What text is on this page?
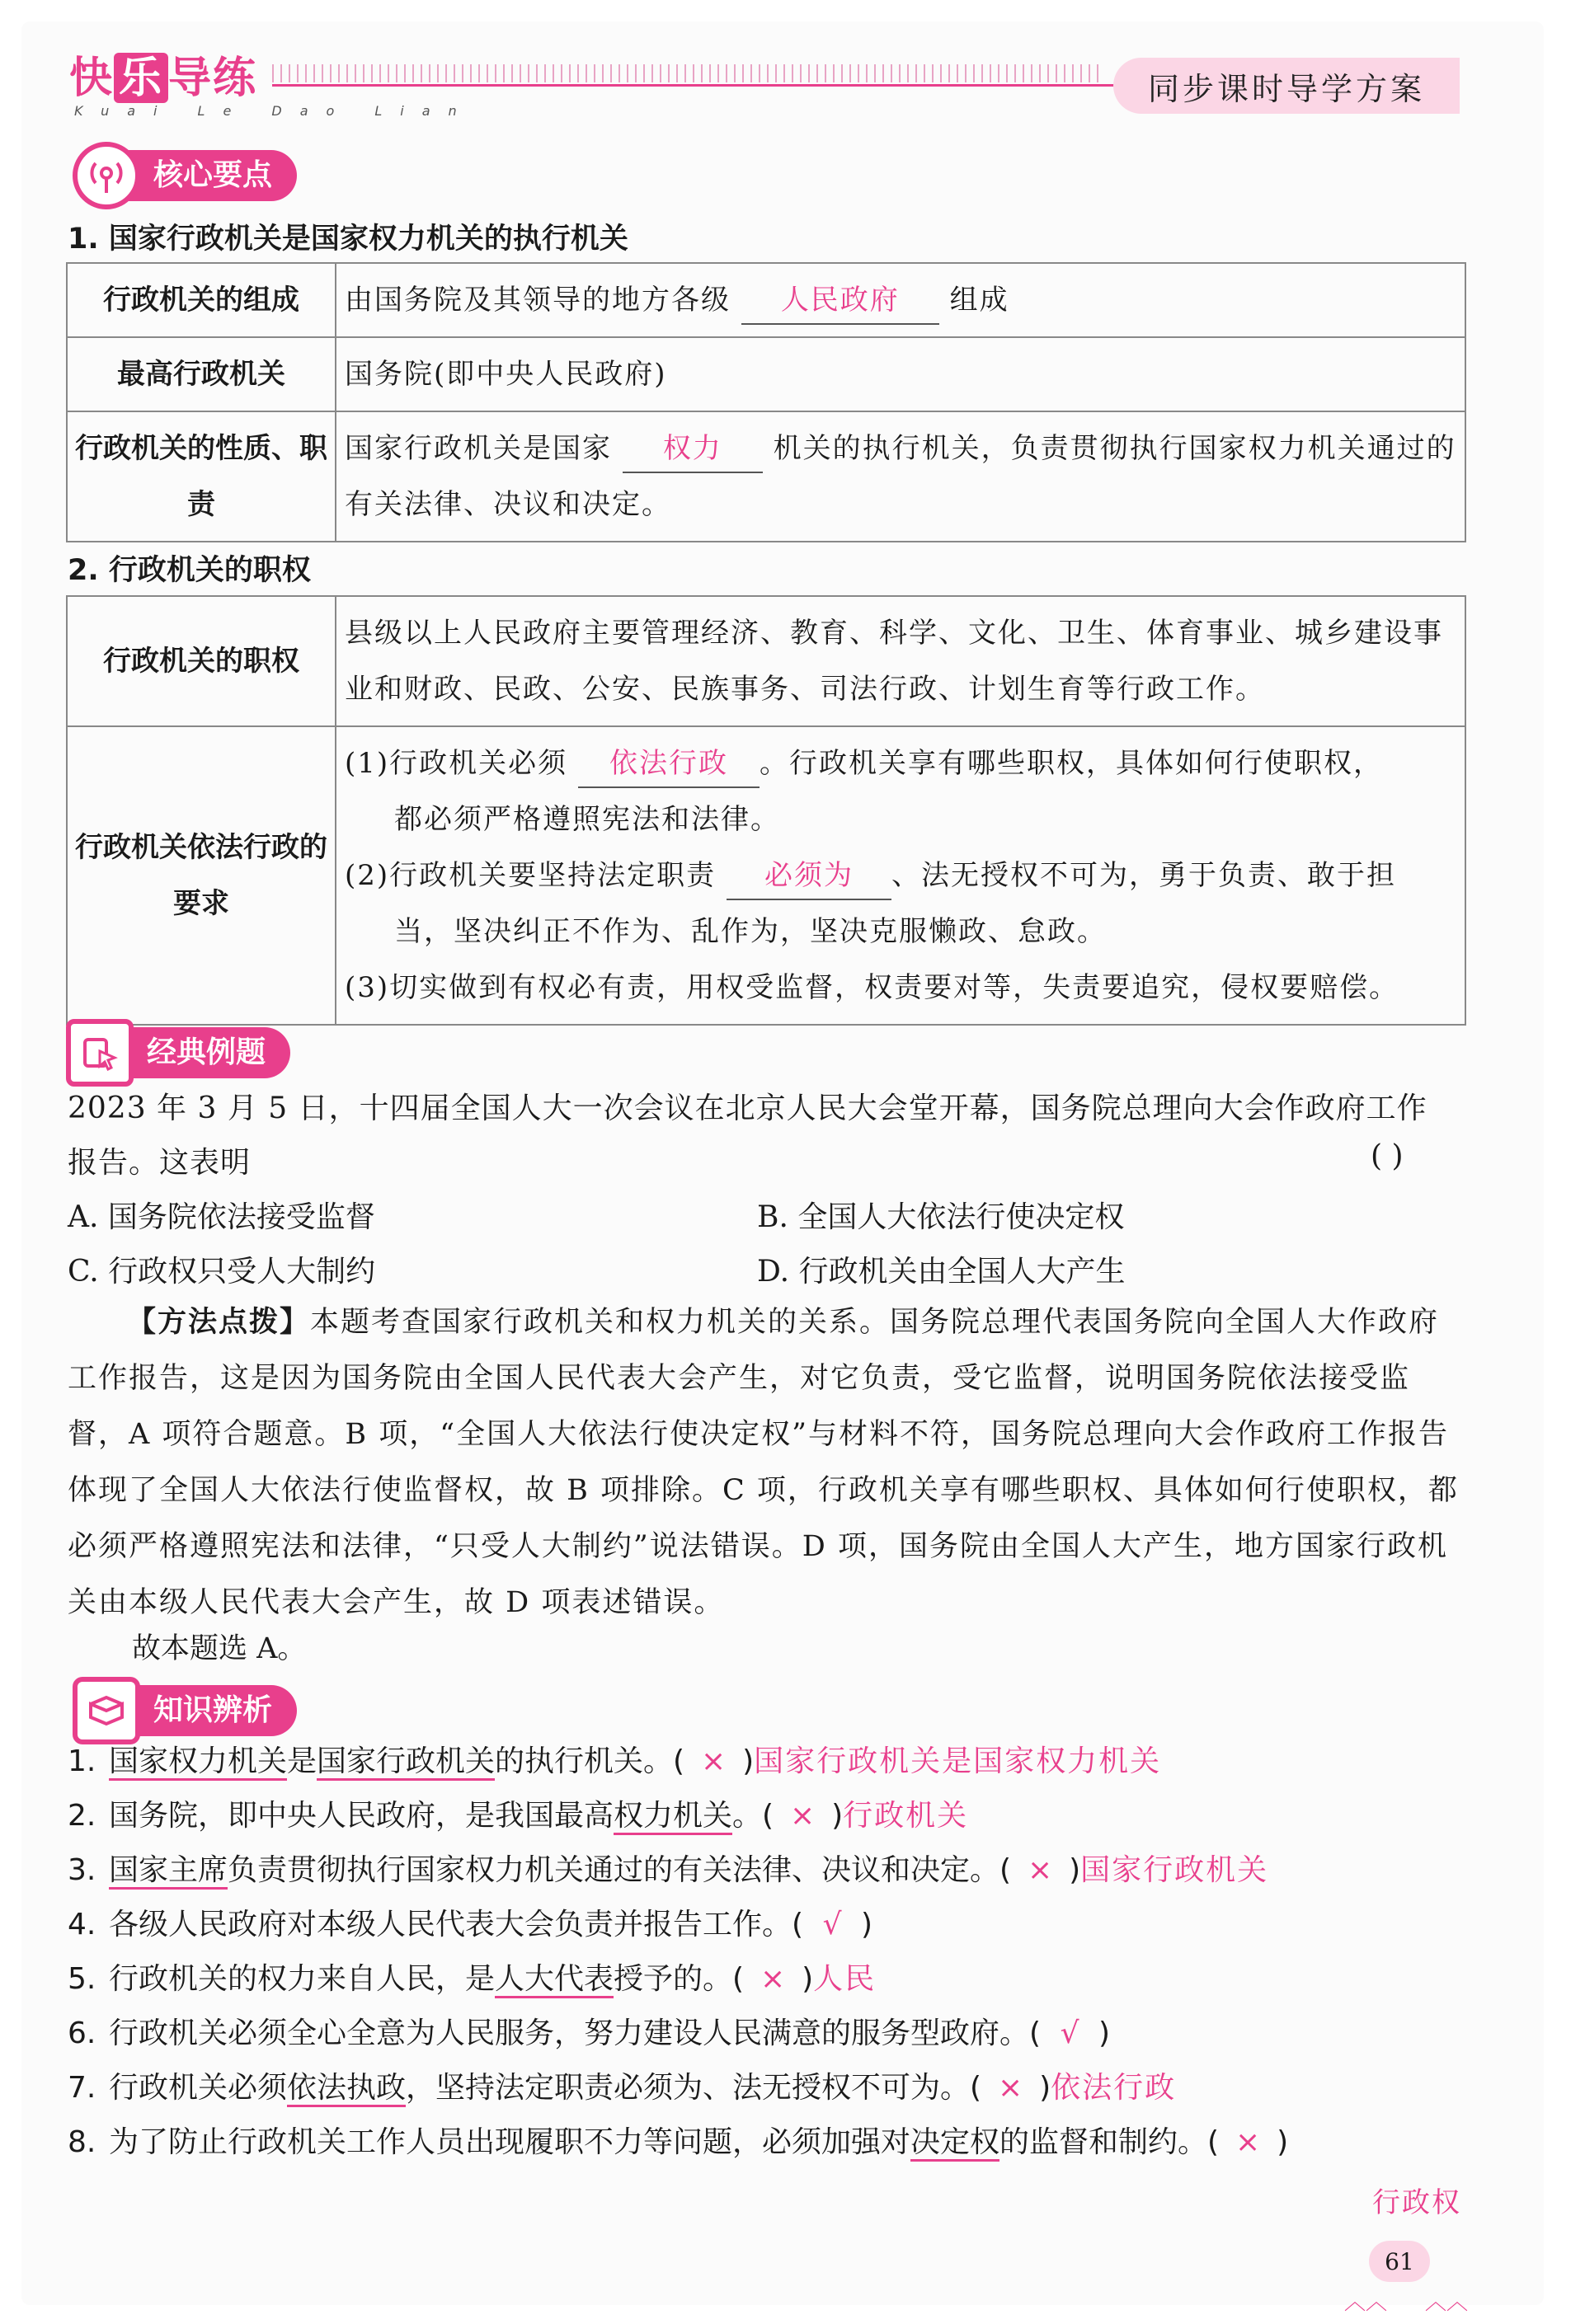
快 乐 导练
Kuai Le Dao Lian
同步课时导学方案
核心要点
1. 国家行政机关是国家权力机关的执行机关
行政机关的组成	由国务院及其领导的地方各级 人民政府 组成
最高行政机关	国务院(即中央人民政府)
行政机关的性质、职责	国家行政机关是国家 权力 机关的执行机关，负责贯彻执行国家权力机关通过的有关法律、决议和决定。
2. 行政机关的职权
行政机关的职权	县级以上人民政府主要管理经济、教育、科学、文化、卫生、体育事业、城乡建设事业和财政、民政、公安、民族事务、司法行政、计划生育等行政工作。
行政机关依法行政的要求	(1)行政机关必须 依法行政 。行政机关享有哪些职权，具体如何行使职权，
都必须严格遵照宪法和法律。
(2)行政机关要坚持法定职责 必须为 、法无授权不可为，勇于负责、敢于担
当，坚决纠正不作为、乱作为，坚决克服懒政、怠政。
(3)切实做到有权必有责，用权受监督，权责要对等，失责要追究，侵权要赔偿。
经典例题
2023 年 3 月 5 日，十四届全国人大一次会议在北京人民大会堂开幕，国务院总理向大会作政府工作
报告。这表明	( )
A. 国务院依法接受监督	B. 全国人大依法行使决定权
C. 行政权只受人大制约	D. 行政机关由全国人大产生
【方法点拨】本题考查国家行政机关和权力机关的关系。国务院总理代表国务院向全国人大作政府工作报告，这是因为国务院由全国人民代表大会产生，对它负责，受它监督，说明国务院依法接受监督，A 项符合题意。B 项，“全国人大依法行使决定权”与材料不符，国务院总理向大会作政府工作报告体现了全国人大依法行使监督权，故 B 项排除。C 项，行政机关享有哪些职权、具体如何行使职权，都必须严格遵照宪法和法律，“只受人大制约”说法错误。D 项，国务院由全国人大产生，地方国家行政机关由本级人民代表大会产生，故 D 项表述错误。
故本题选 A。
知识辨析
1. 国家权力机关是国家行政机关的执行机关。( × )国家行政机关是国家权力机关
2. 国务院，即中央人民政府，是我国最高权力机关。( × )行政机关
3. 国家主席负责贯彻执行国家权力机关通过的有关法律、决议和决定。( × )国家行政机关
4. 各级人民政府对本级人民代表大会负责并报告工作。( √ )
5. 行政机关的权力来自人民，是人大代表授予的。( × )人民
6. 行政机关必须全心全意为人民服务，努力建设人民满意的服务型政府。( √ )
7. 行政机关必须依法执政，坚持法定职责必须为、法无授权不可为。( × )依法行政
8. 为了防止行政机关工作人员出现履职不力等问题，必须加强对决定权的监督和制约。( × )
行政权
61
︿︿ ︿︿
